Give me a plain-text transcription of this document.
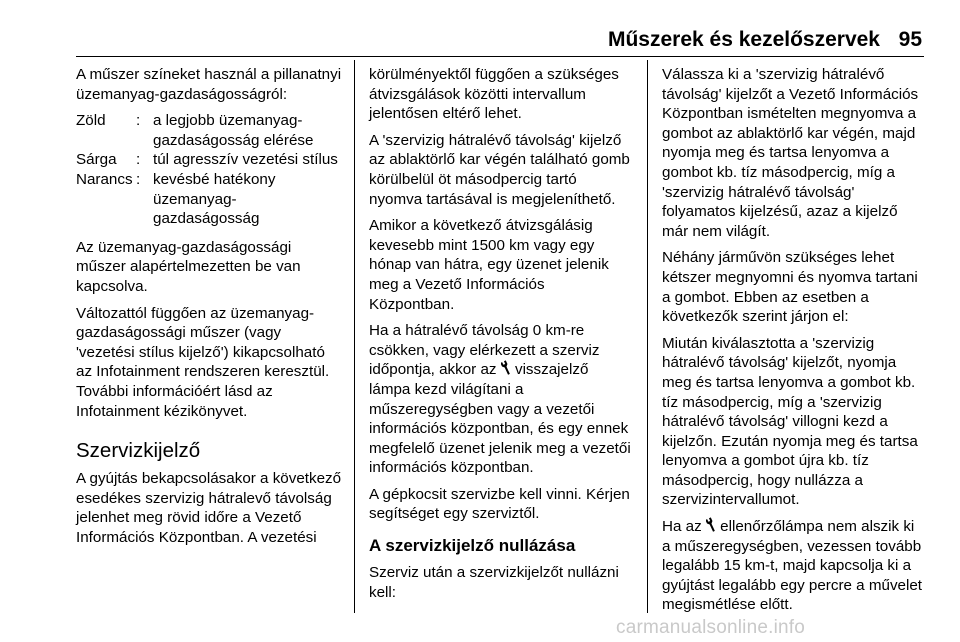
Műszerek és kezelőszervek 95

A műszer színeket használ a pillanatnyi üzemanyag-gazdaságosságról:

Zöld	:	a legjobb üzemanyag-gazdaságosság elérése
Sárga	:	túl agresszív vezetési stílus
Narancs	:	kevésbé hatékony üzemanyag-gazdaságosság

Az üzemanyag-gazdaságossági műszer alapértelmezetten be van kapcsolva.

Változattól függően az üzemanyag-gazdaságossági műszer (vagy 'vezetési stílus kijelző') kikapcsolható az Infotainment rendszeren keresztül. További információért lásd az Infotainment kézikönyvet.

Szervizkijelző

A gyújtás bekapcsolásakor a következő esedékes szervizig hátralevő távolság jelenhet meg rövid időre a Vezető Információs Központban. A vezetési

körülményektől függően a szükséges átvizsgálások közötti intervallum jelentősen eltérő lehet.

A 'szervizig hátralévő távolság' kijelző az ablaktörlő kar végén található gomb körülbelül öt másodpercig tartó nyomva tartásával is megjeleníthető.

Amikor a következő átvizsgálásig kevesebb mint 1500 km vagy egy hónap van hátra, egy üzenet jelenik meg a Vezető Információs Központban.

Ha a hátralévő távolság 0 km-re csökken, vagy elérkezett a szerviz időpontja, akkor az visszajelző lámpa kezd világítani a műszeregységben vagy a vezetői információs központban, és egy ennek megfelelő üzenet jelenik meg a vezetői információs központban.

A gépkocsit szervizbe kell vinni. Kérjen segítséget egy szerviztől.

A szervizkijelző nullázása

Szerviz után a szervizkijelzőt nullázni kell:

Válassza ki a 'szervizig hátralévő távolság' kijelzőt a Vezető Információs Központban ismételten megnyomva a gombot az ablaktörlő kar végén, majd nyomja meg és tartsa lenyomva a gombot kb. tíz másodpercig, míg a 'szervizig hátralévő távolság' folyamatos kijelzésű, azaz a kijelző már nem világít.

Néhány járművön szükséges lehet kétszer megnyomni és nyomva tartani a gombot. Ebben az esetben a következők szerint járjon el:

Miután kiválasztotta a 'szervizig hátralévő távolság' kijelzőt, nyomja meg és tartsa lenyomva a gombot kb. tíz másodpercig, míg a 'szervizig hátralévő távolság' villogni kezd a kijelzőn. Ezután nyomja meg és tartsa lenyomva a gombot újra kb. tíz másodpercig, hogy nullázza a szervizintervallumot.

Ha az ellenőrzőlámpa nem alszik ki a műszeregységben, vezessen tovább legalább 15 km-t, majd kapcsolja ki a gyújtást legalább egy percre a művelet megismétlése előtt.

carmanualsonline.info
